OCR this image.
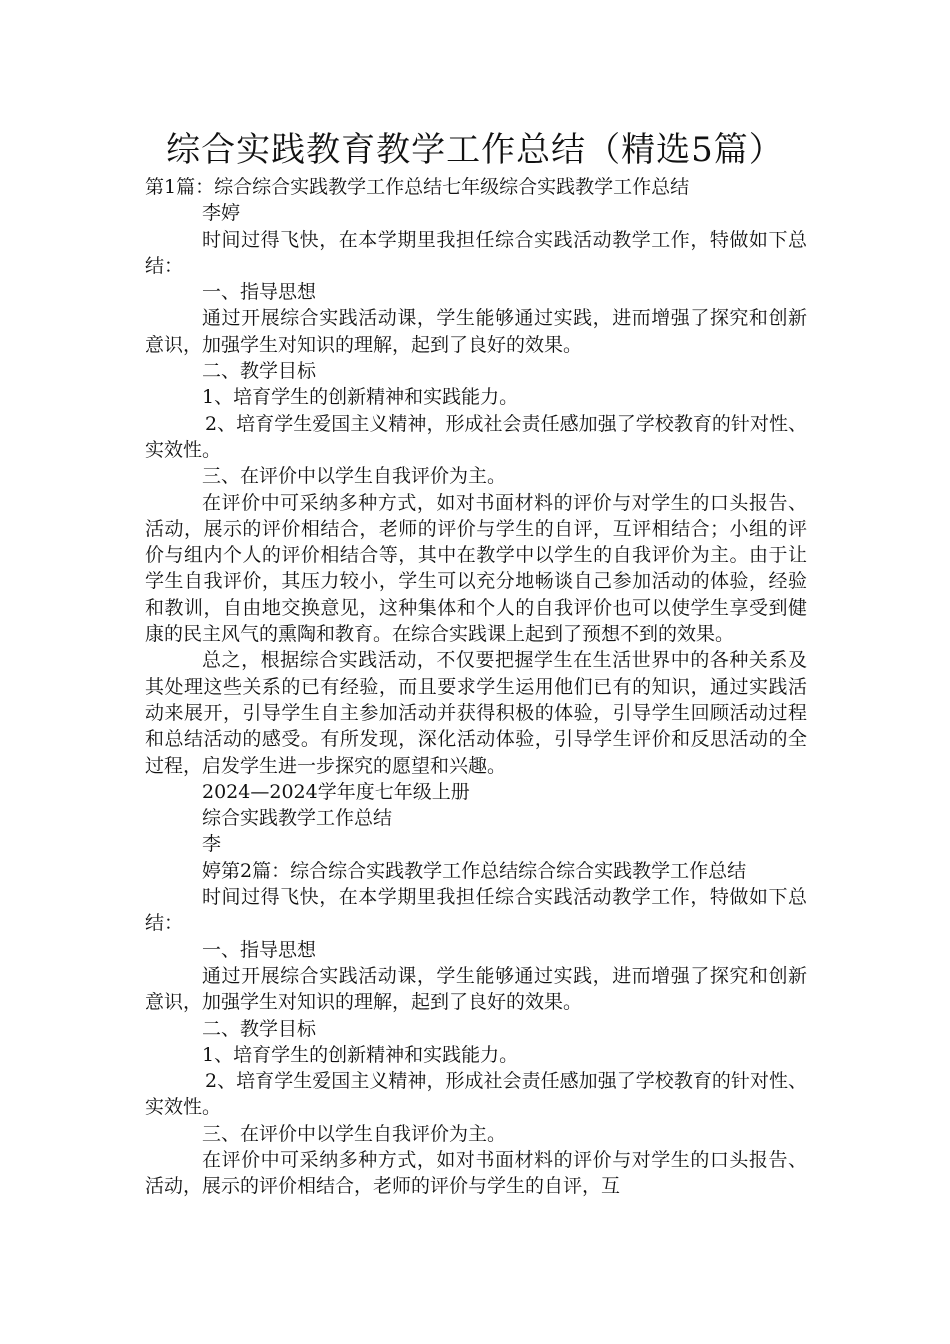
综合实践教育教学工作总结（精选5篇）

第1篇：综合综合实践教学工作总结七年级综合实践教学工作总结

李婷

时间过得飞快，在本学期里我担任综合实践活动教学工作，特做如下总结：

一、指导思想

通过开展综合实践活动课，学生能够通过实践，进而增强了探究和创新意识，加强学生对知识的理解，起到了良好的效果。

二、教学目标

1、培育学生的创新精神和实践能力。

2、培育学生爱国主义精神，形成社会责任感加强了学校教育的针对性、实效性。

三、在评价中以学生自我评价为主。

在评价中可采纳多种方式，如对书面材料的评价与对学生的口头报告、活动，展示的评价相结合，老师的评价与学生的自评，互评相结合；小组的评价与组内个人的评价相结合等，其中在教学中以学生的自我评价为主。由于让学生自我评价，其压力较小，学生可以充分地畅谈自己参加活动的体验，经验和教训，自由地交换意见，这种集体和个人的自我评价也可以使学生享受到健康的民主风气的熏陶和教育。在综合实践课上起到了预想不到的效果。

总之，根据综合实践活动，不仅要把握学生在生活世界中的各种关系及其处理这些关系的已有经验，而且要求学生运用他们已有的知识，通过实践活动来展开，引导学生自主参加活动并获得积极的体验，引导学生回顾活动过程和总结活动的感受。有所发现，深化活动体验，引导学生评价和反思活动的全过程，启发学生进一步探究的愿望和兴趣。

2024—2024学年度七年级上册

综合实践教学工作总结

李

婷第2篇：综合综合实践教学工作总结综合综合实践教学工作总结

时间过得飞快，在本学期里我担任综合实践活动教学工作，特做如下总结：

一、指导思想

通过开展综合实践活动课，学生能够通过实践，进而增强了探究和创新意识，加强学生对知识的理解，起到了良好的效果。

二、教学目标

1、培育学生的创新精神和实践能力。

2、培育学生爱国主义精神，形成社会责任感加强了学校教育的针对性、实效性。

三、在评价中以学生自我评价为主。

在评价中可采纳多种方式，如对书面材料的评价与对学生的口头报告、活动，展示的评价相结合，老师的评价与学生的自评，互
